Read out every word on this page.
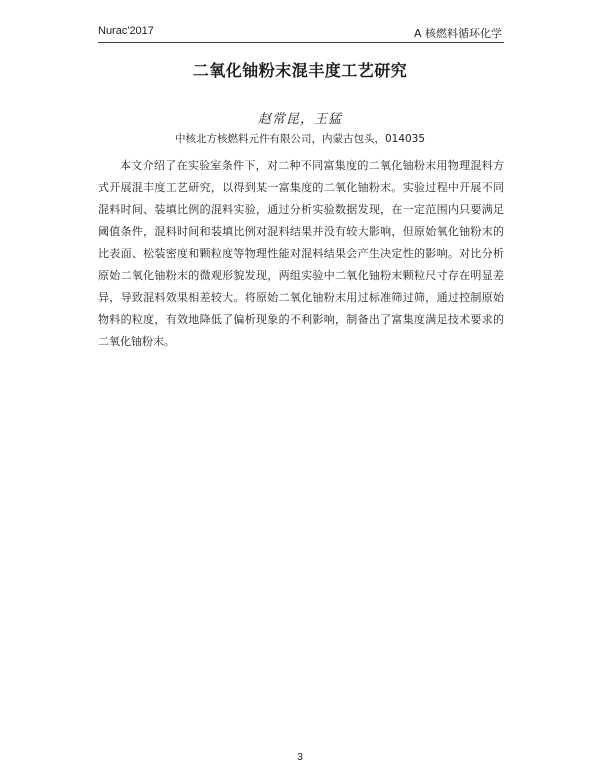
Nurac'2017	A 核燃料循环化学
二氧化铀粉末混丰度工艺研究
赵常昆，王猛
中核北方核燃料元件有限公司，内蒙古包头，014035

本文介绍了在实验室条件下，对二种不同富集度的二氧化铀粉末用物理混料方式开展混丰度工艺研究，以得到某一富集度的二氧化铀粉末。实验过程中开展不同混料时间、装填比例的混料实验，通过分析实验数据发现，在一定范围内只要满足阈值条件，混料时间和装填比例对混料结果并没有较大影响，但原始氧化铀粉末的比表面、松装密度和颗粒度等物理性能对混料结果会产生决定性的影响。对比分析原始二氧化铀粉末的微观形貌发现，两组实验中二氧化铀粉末颗粒尺寸存在明显差异，导致混料效果相差较大。将原始二氧化铀粉末用过标准筛过筛，通过控制原始物料的粒度，有效地降低了偏析现象的不利影响，制备出了富集度满足技术要求的二氧化铀粉末。

3
